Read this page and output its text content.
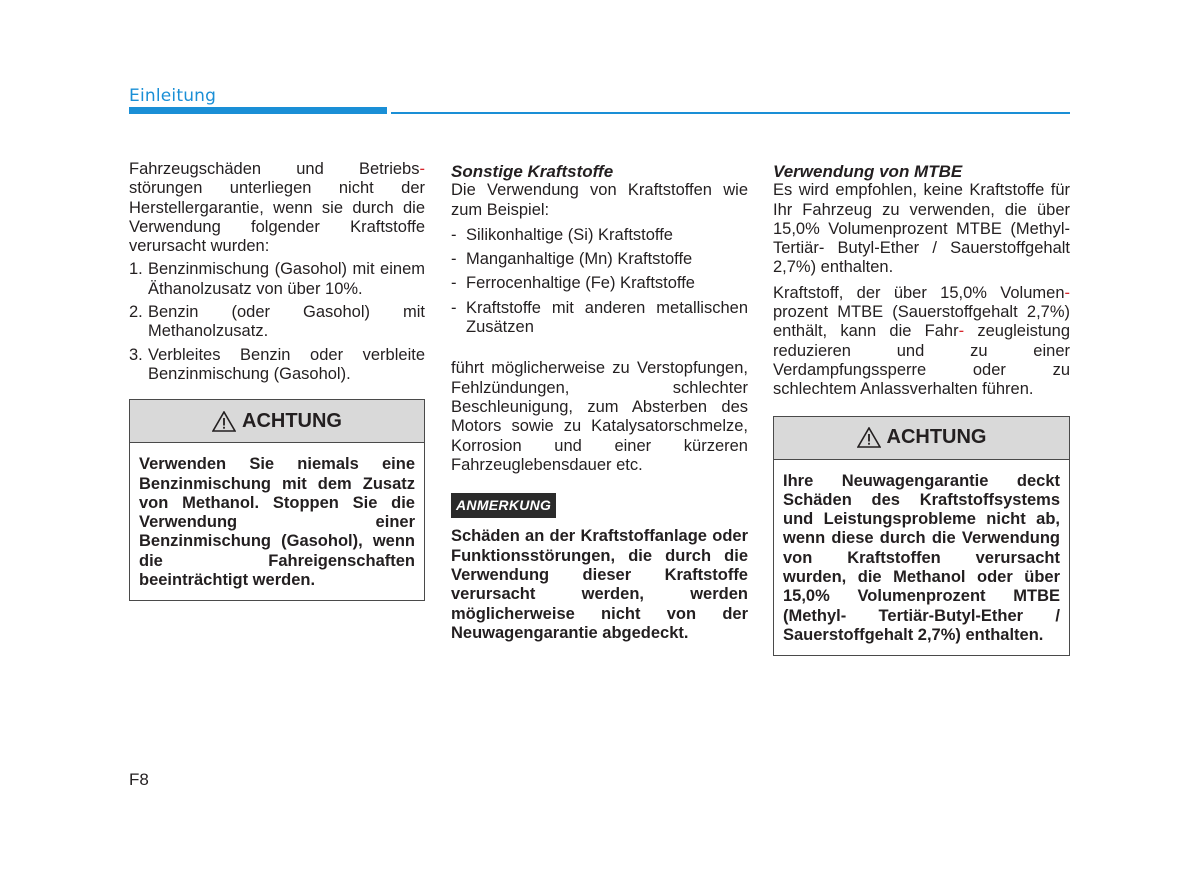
Einleitung

Fahrzeugschäden und Betriebs- störungen unterliegen nicht der Herstellergarantie, wenn sie durch die Verwendung folgender Kraftstoffe verursacht wurden:

1. Benzinmischung (Gasohol) mit einem Äthanolzusatz von über 10%.
2. Benzin (oder Gasohol) mit Methanolzusatz.
3. Verbleites Benzin oder verbleite Benzinmischung (Gasohol).
ACHTUNG
Verwenden Sie niemals eine Benzinmischung mit dem Zusatz von Methanol. Stoppen Sie die Verwendung einer Benzinmischung (Gasohol), wenn die Fahreigenschaften beeinträchtigt werden.

Sonstige Kraftstoffe

Die Verwendung von Kraftstoffen wie zum Beispiel:

- Silikonhaltige (Si) Kraftstoffe
- Manganhaltige (Mn) Kraftstoffe
- Ferrocenhaltige (Fe) Kraftstoffe
- Kraftstoffe mit anderen metallischen Zusätzen

führt möglicherweise zu Verstopfungen, Fehlzündungen, schlechter Beschleunigung, zum Absterben des Motors sowie zu Katalysatorschmelze, Korrosion und einer kürzeren Fahrzeuglebensdauer etc.

ANMERKUNG

Schäden an der Kraftstoffanlage oder Funktionsstörungen, die durch die Verwendung dieser Kraftstoffe verursacht werden, werden möglicherweise nicht von der Neuwagengarantie abgedeckt.

Verwendung von MTBE

Es wird empfohlen, keine Kraftstoffe für Ihr Fahrzeug zu verwenden, die über 15,0% Volumenprozent MTBE (Methyl-Tertiär- Butyl-Ether / Sauerstoffgehalt 2,7%) enthalten.

Kraftstoff, der über 15,0% Volumen- prozent MTBE (Sauerstoffgehalt 2,7%) enthält, kann die Fahr- zeugleistung reduzieren und zu einer Verdampfungssperre oder zu schlechtem Anlassverhalten führen.

ACHTUNG
Ihre Neuwagengarantie deckt Schäden des Kraftstoffsystems und Leistungsprobleme nicht ab, wenn diese durch die Verwendung von Kraftstoffen verursacht wurden, die Methanol oder über 15,0% Volumenprozent MTBE (Methyl- Tertiär-Butyl-Ether / Sauerstoffgehalt 2,7%) enthalten.
F8
